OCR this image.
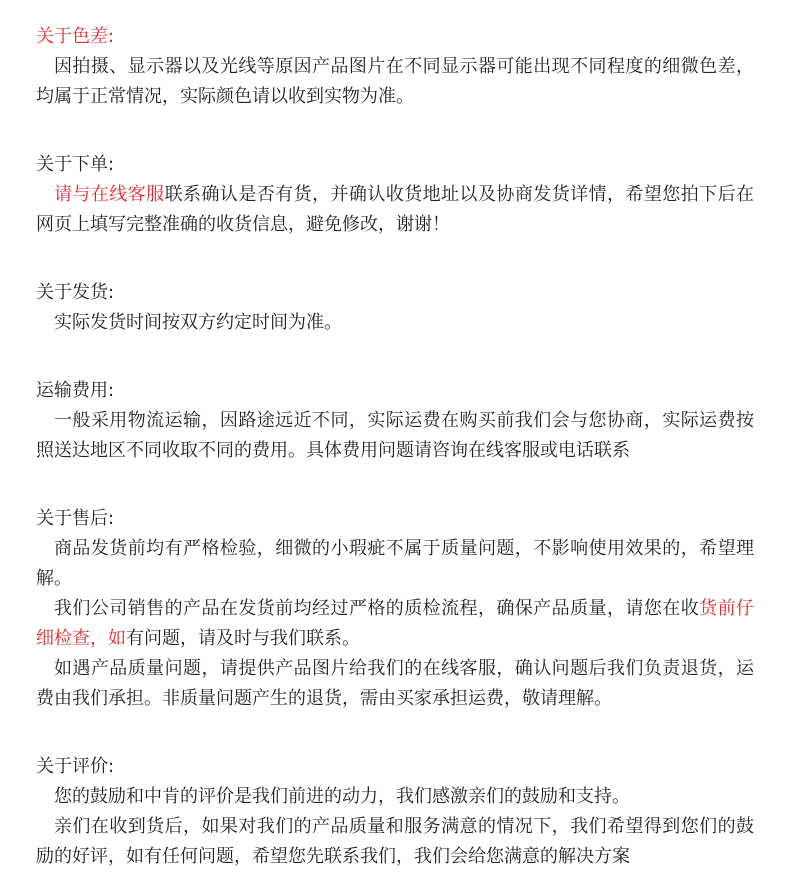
关于色差:

因拍摄、显示器以及光线等原因产品图片在不同显示器可能出现不同程度的细微色差，均属于正常情况，实际颜色请以收到实物为准。

关于下单:

请与在线客服联系确认是否有货，并确认收货地址以及协商发货详情，希望您拍下后在网页上填写完整准确的收货信息，避免修改，谢谢！

关于发货:

实际发货时间按双方约定时间为准。

运输费用:

一般采用物流运输，因路途远近不同，实际运费在购买前我们会与您协商，实际运费按照送达地区不同收取不同的费用。具体费用问题请咨询在线客服或电话联系

关于售后:

商品发货前均有严格检验，细微的小瑕疵不属于质量问题，不影响使用效果的，希望理解。

我们公司销售的产品在发货前均经过严格的质检流程，确保产品质量，请您在收货前仔细检查，如有问题，请及时与我们联系。

如遇产品质量问题，请提供产品图片给我们的在线客服，确认问题后我们负责退货，运费由我们承担。非质量问题产生的退货，需由买家承担运费，敬请理解。

关于评价:

您的鼓励和中肯的评价是我们前进的动力，我们感激亲们的鼓励和支持。

亲们在收到货后，如果对我们的产品质量和服务满意的情况下，我们希望得到您们的鼓励的好评，如有任何问题，希望您先联系我们，我们会给您满意的解决方案
